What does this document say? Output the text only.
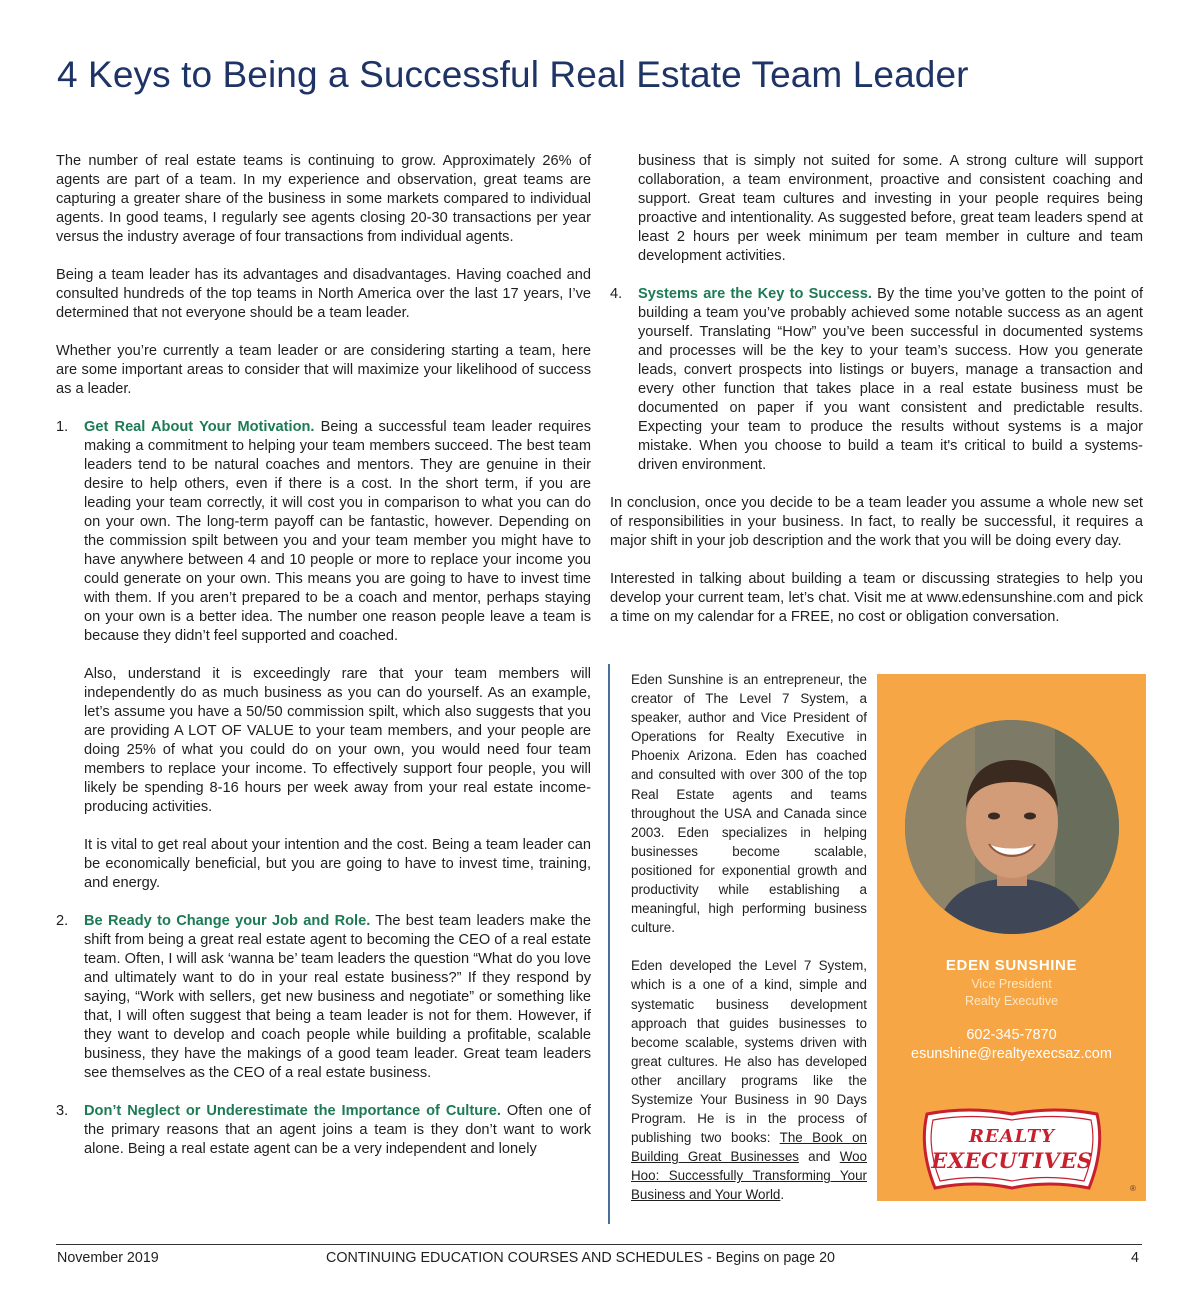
4 Keys to Being a Successful Real Estate Team Leader

The number of real estate teams is continuing to grow. Approximately 26% of agents are part of a team. In my experience and observation, great teams are capturing a greater share of the business in some markets compared to individual agents. In good teams, I regularly see agents closing 20-30 transactions per year versus the industry average of four transactions from individual agents.

Being a team leader has its advantages and disadvantages. Having coached and consulted hundreds of the top teams in North America over the last 17 years, I’ve determined that not everyone should be a team leader.

Whether you’re currently a team leader or are considering starting a team, here are some important areas to consider that will maximize your likelihood of success as a leader.

1. Get Real About Your Motivation. Being a successful team leader requires making a commitment to helping your team members succeed. The best team leaders tend to be natural coaches and mentors. They are genuine in their desire to help others, even if there is a cost. In the short term, if you are leading your team correctly, it will cost you in comparison to what you can do on your own. The long-term payoff can be fantastic, however. Depending on the commission spilt between you and your team member you might have to have anywhere between 4 and 10 people or more to replace your income you could generate on your own. This means you are going to have to invest time with them. If you aren’t prepared to be a coach and mentor, perhaps staying on your own is a better idea. The number one reason people leave a team is because they didn’t feel supported and coached.

Also, understand it is exceedingly rare that your team members will independently do as much business as you can do yourself. As an example, let’s assume you have a 50/50 commission spilt, which also suggests that you are providing A LOT OF VALUE to your team members, and your people are doing 25% of what you could do on your own, you would need four team members to replace your income. To effectively support four people, you will likely be spending 8-16 hours per week away from your real estate income-producing activities.

It is vital to get real about your intention and the cost. Being a team leader can be economically beneficial, but you are going to have to invest time, training, and energy.

2. Be Ready to Change your Job and Role. The best team leaders make the shift from being a great real estate agent to becoming the CEO of a real estate team. Often, I will ask ‘wanna be’ team leaders the question “What do you love and ultimately want to do in your real estate business?” If they respond by saying, “Work with sellers, get new business and negotiate” or something like that, I will often suggest that being a team leader is not for them. However, if they want to develop and coach people while building a profitable, scalable business, they have the makings of a good team leader. Great team leaders see themselves as the CEO of a real estate business.

3. Don’t Neglect or Underestimate the Importance of Culture. Often one of the primary reasons that an agent joins a team is they don’t want to work alone. Being a real estate agent can be a very independent and lonely

business that is simply not suited for some. A strong culture will support collaboration, a team environment, proactive and consistent coaching and support. Great team cultures and investing in your people requires being proactive and intentionality. As suggested before, great team leaders spend at least 2 hours per week minimum per team member in culture and team development activities.

4. Systems are the Key to Success. By the time you’ve gotten to the point of building a team you’ve probably achieved some notable success as an agent yourself. Translating “How” you’ve been successful in documented systems and processes will be the key to your team’s success. How you generate leads, convert prospects into listings or buyers, manage a transaction and every other function that takes place in a real estate business must be documented on paper if you want consistent and predictable results. Expecting your team to produce the results without systems is a major mistake. When you choose to build a team it's critical to build a systems-driven environment.

In conclusion, once you decide to be a team leader you assume a whole new set of responsibilities in your business. In fact, to really be successful, it requires a major shift in your job description and the work that you will be doing every day.

Interested in talking about building a team or discussing strategies to help you develop your current team, let’s chat. Visit me at www.edensunshine.com and pick a time on my calendar for a FREE, no cost or obligation conversation.

Eden Sunshine is an entrepreneur, the creator of The Level 7 System, a speaker, author and Vice President of Operations for Realty Executive in Phoenix Arizona. Eden has coached and consulted with over 300 of the top Real Estate agents and teams throughout the USA and Canada since 2003. Eden specializes in helping businesses become scalable, positioned for exponential growth and productivity while establishing a meaningful, high performing business culture.

Eden developed the Level 7 System, which is a one of a kind, simple and systematic business development approach that guides businesses to become scalable, systems driven with great cultures. He also has developed other ancillary programs like the Systemize Your Business in 90 Days Program. He is in the process of publishing two books: The Book on Building Great Businesses and Woo Hoo: Successfully Transforming Your Business and Your World.

EDEN SUNSHINE
Vice President
Realty Executive
602-345-7870
esunshine@realtyexecsaz.com
REALTY
EXECUTIVES
®
November 2019	CONTINUING EDUCATION COURSES AND SCHEDULES - Begins on page 20	4
